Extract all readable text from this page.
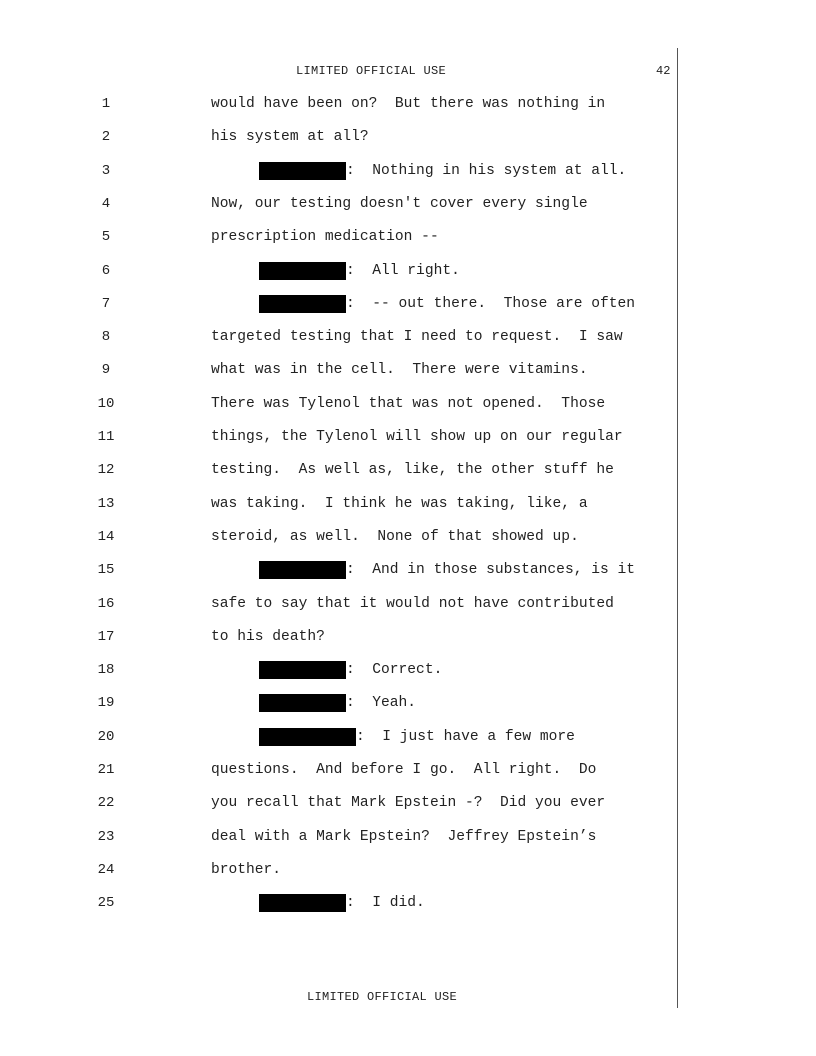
LIMITED OFFICIAL USE	42
1	would have been on?  But there was nothing in
2	his system at all?
3	:  Nothing in his system at all.
4	Now, our testing doesn't cover every single
5	prescription medication --
6	:  All right.
7	:  -- out there.  Those are often
8	targeted testing that I need to request.  I saw
9	what was in the cell.  There were vitamins.
10	There was Tylenol that was not opened.  Those
11	things, the Tylenol will show up on our regular
12	testing.  As well as, like, the other stuff he
13	was taking.  I think he was taking, like, a
14	steroid, as well.  None of that showed up.
15	:  And in those substances, is it
16	safe to say that it would not have contributed
17	to his death?
18	:  Correct.
19	:  Yeah.
20	:  I just have a few more
21	questions.  And before I go.  All right.  Do
22	you recall that Mark Epstein -?  Did you ever
23	deal with a Mark Epstein?  Jeffrey Epstein’s
24	brother.
25	:  I did.
LIMITED OFFICIAL USE
